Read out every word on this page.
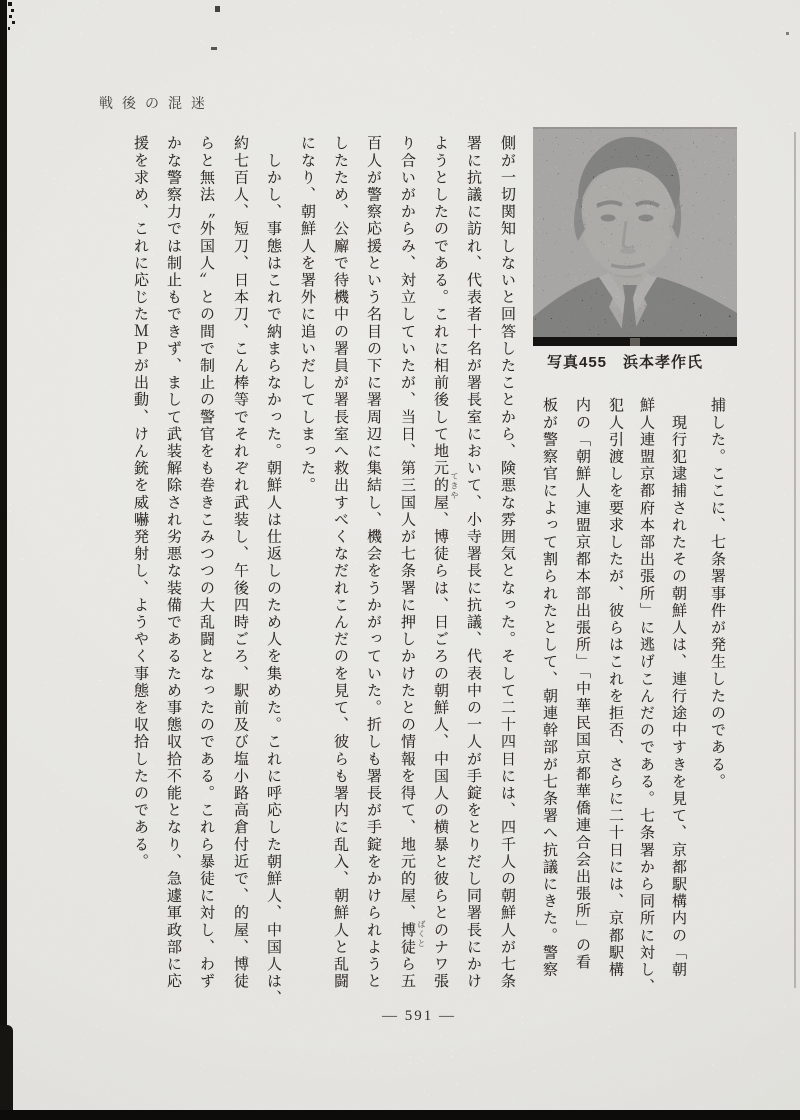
戦後の混迷
写真455　浜本孝作氏
捕した。ここに、七条署事件が発生したのである。
　現行犯逮捕されたその朝鮮人は、連行途中すきを見て、京都駅構内の「朝
鮮人連盟京都府本部出張所」に逃げこんだのである。七条署から同所に対し、
犯人引渡しを要求したが、彼らはこれを拒否、さらに二十日には、京都駅構
内の「朝鮮人連盟京都本部出張所」「中華民国京都華僑連合会出張所」の看
板が警察官によって割られたとして、朝連幹部が七条署へ抗議にきた。警察
側が一切関知しないと回答したことから、険悪な雰囲気となった。そして二十四日には、四千人の朝鮮人が七条
署に抗議に訪れ、代表者十名が署長室において、小寺署長に抗議、代表中の一人が手錠をとりだし同署長にかけ
ようとしたのである。これに相前後して地元的屋、博徒らは、日ごろの朝鮮人、中国人の横暴と彼らとのナワ張
り合いがからみ、対立していたが、当日、第三国人が七条署に押しかけたとの情報を得て、地元的屋、博徒ら五
百人が警察応援という名目の下に署周辺に集結し、機会をうかがっていた。折しも署長が手錠をかけられようと
したため、公廨で待機中の署員が署長室へ救出すべくなだれこんだのを見て、彼らも署内に乱入、朝鮮人と乱闘
になり、朝鮮人を署外に追いだしてしまった。
　しかし、事態はこれで納まらなかった。朝鮮人は仕返しのため人を集めた。これに呼応した朝鮮人、中国人は、
約七百人、短刀、日本刀、こん棒等でそれぞれ武装し、午後四時ごろ、駅前及び塩小路高倉付近で、的屋、博徒
らと無法〝外国人〟との間で制止の警官をも巻きこみつつの大乱闘となったのである。これら暴徒に対し、わず
かな警察力では制止もできず、まして武装解除され劣悪な装備であるため事態収拾不能となり、急遽軍政部に応
援を求め、これに応じたＭＰが出動、けん銃を威嚇発射し、ようやく事態を収拾したのである。	てきや
ばくと
— 591 —
